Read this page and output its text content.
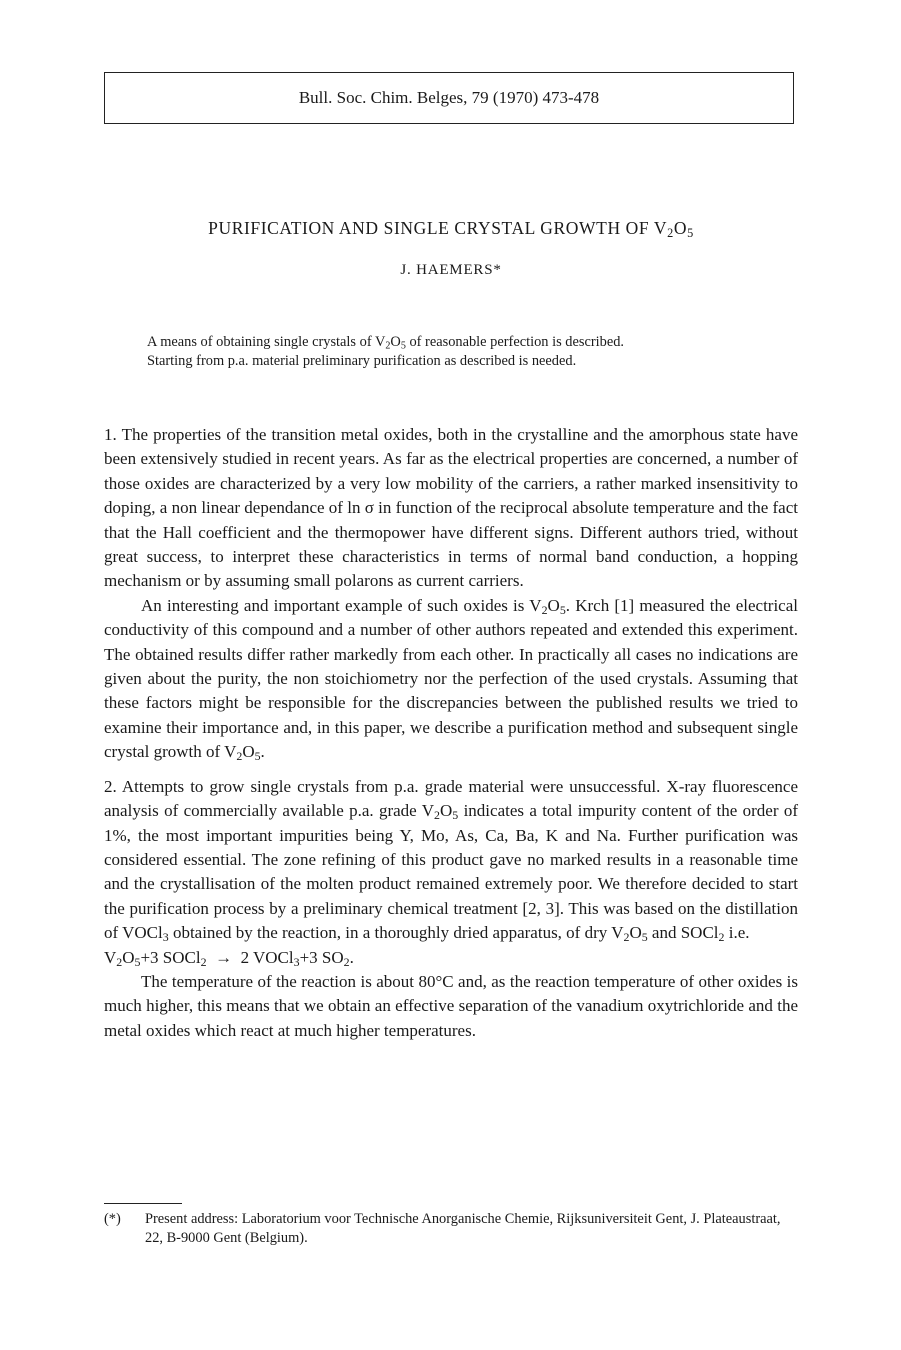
Bull. Soc. Chim. Belges, 79 (1970) 473-478
PURIFICATION AND SINGLE CRYSTAL GROWTH OF $V_2O_5$
J. HAEMERS*

A means of obtaining single crystals of $V_2O_5$ of reasonable perfection is described.

Starting from p.a. material preliminary purification as described is needed.

1. The properties of the transition metal oxides, both in the crystalline and the amorphous state have been extensively studied in recent years. As far as the electrical properties are concerned, a number of those oxides are characterized by a very low mobility of the carriers, a rather marked insensitivity to doping, a non linear dependance of ln σ in function of the reciprocal absolute temperature and the fact that the Hall coefficient and the thermopower have different signs. Different authors tried, without great success, to interpret these characteristics in terms of normal band conduction, a hopping mechanism or by assuming small polarons as current carriers.

An interesting and important example of such oxides is $V_2O_5$. Krch [1] measured the electrical conductivity of this compound and a number of other authors repeated and extended this experiment. The obtained results differ rather markedly from each other. In practically all cases no indications are given about the purity, the non stoichiometry nor the perfection of the used crystals. Assuming that these factors might be responsible for the discrepancies between the published results we tried to examine their importance and, in this paper, we describe a purification method and subsequent single crystal growth of $V_2O_5$.

2. Attempts to grow single crystals from p.a. grade material were unsuccessful. X-ray fluorescence analysis of commercially available p.a. grade $V_2O_5$ indicates a total impurity content of the order of 1%, the most important impurities being Y, Mo, As, Ca, Ba, K and Na. Further purification was considered essential. The zone refining of this product gave no marked results in a reasonable time and the crystallisation of the molten product remained extremely poor. We therefore decided to start the purification process by a preliminary chemical treatment [2, 3]. This was based on the distillation of VOCl$_3$ obtained by the reaction, in a thoroughly dried apparatus, of dry $V_2O_5$ and SOCl$_2$ i.e.

$V_2O_5+3$ SOCl$_2$  →  2 VOCl$_3$+3 $SO_2$.

The temperature of the reaction is about 80°C and, as the reaction temperature of other oxides is much higher, this means that we obtain an effective separation of the vanadium oxytrichloride and the metal oxides which react at much higher temperatures.

(*) Present address: Laboratorium voor Technische Anorganische Chemie, Rijksuniversiteit Gent, J. Plateaustraat, 22, B-9000 Gent (Belgium).
